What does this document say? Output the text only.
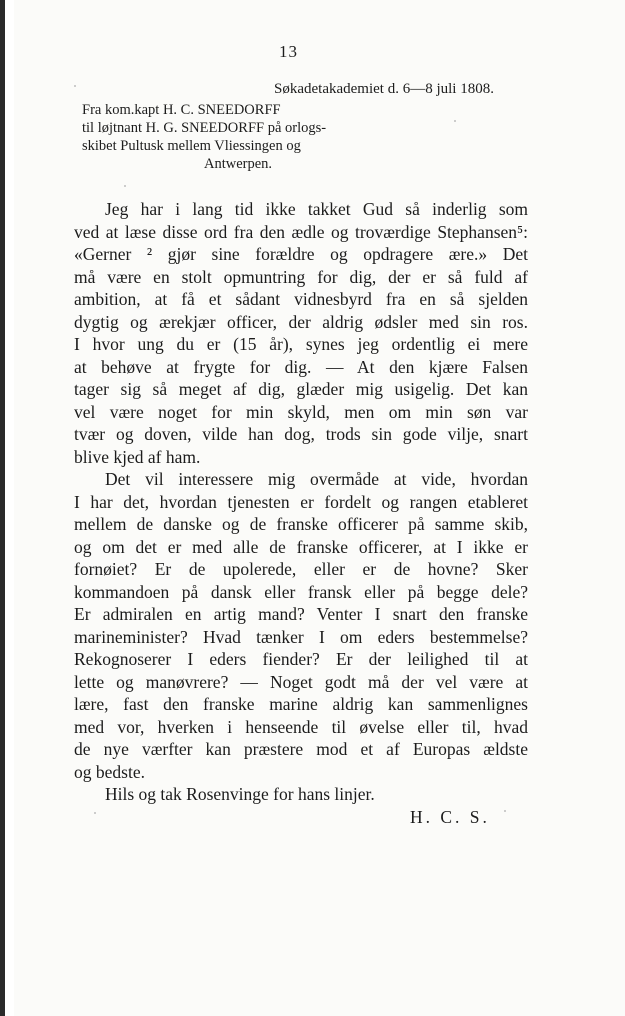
13
Søkadetakademiet d. 6—8 juli 1808.
Fra kom.kapt H. C. SNEEDORFF
til løjtnant H. G. SNEEDORFF på orlogs-
skibet Pultusk mellem Vliessingen og
Antwerpen.
Jeg har i lang tid ikke takket Gud så inderlig som
ved at læse disse ord fra den ædle og troværdige Stephansen⁵:
«Gerner ² gjør sine forældre og opdragere ære.» Det
må være en stolt opmuntring for dig, der er så fuld af
ambition, at få et sådant vidnesbyrd fra en så sjelden
dygtig og ærekjær officer, der aldrig ødsler med sin ros.
I hvor ung du er (15 år), synes jeg ordentlig ei mere
at behøve at frygte for dig. — At den kjære Falsen
tager sig så meget af dig, glæder mig usigelig. Det kan
vel være noget for min skyld, men om min søn var
tvær og doven, vilde han dog, trods sin gode vilje, snart
blive kjed af ham.
Det vil interessere mig overmåde at vide, hvordan
I har det, hvordan tjenesten er fordelt og rangen etableret
mellem de danske og de franske officerer på samme skib,
og om det er med alle de franske officerer, at I ikke er
fornøiet? Er de upolerede, eller er de hovne? Sker
kommandoen på dansk eller fransk eller på begge dele?
Er admiralen en artig mand? Venter I snart den franske
marineminister? Hvad tænker I om eders bestemmelse?
Rekognoserer I eders fiender? Er der leilighed til at
lette og manøvrere? — Noget godt må der vel være at
lære, fast den franske marine aldrig kan sammenlignes
med vor, hverken i henseende til øvelse eller til, hvad
de nye værfter kan præstere mod et af Europas ældste
og bedste.
Hils og tak Rosenvinge for hans linjer.
H. C. S.
